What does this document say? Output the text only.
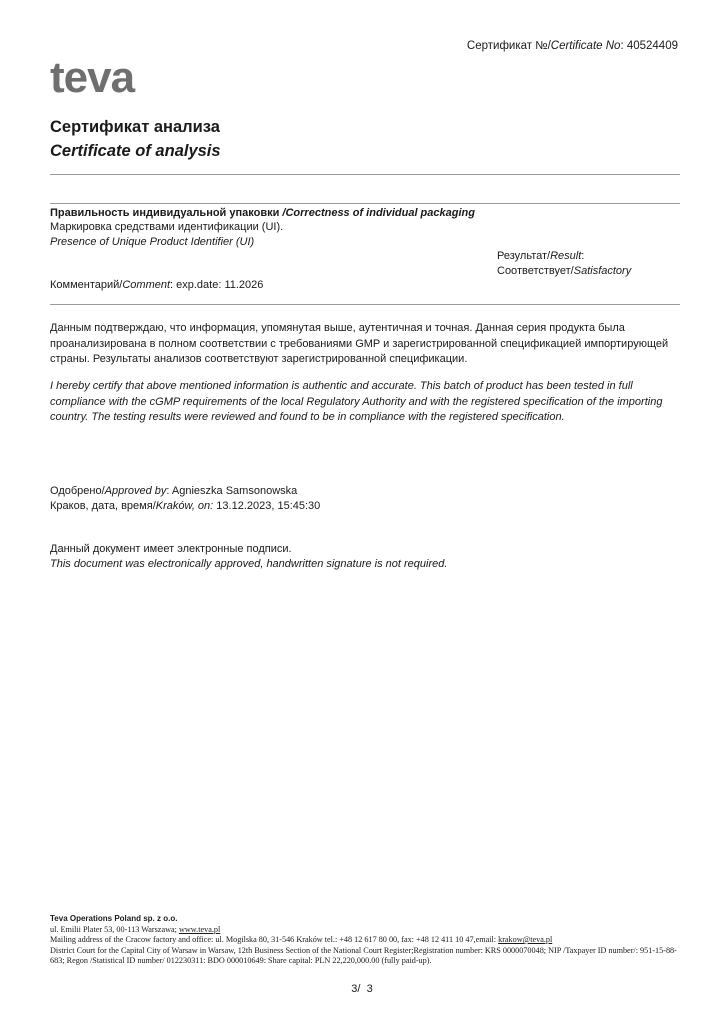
Сертификат №/Certificate No: 40524409
teva
Сертификат анализа
Certificate of analysis
Правильность индивидуальной упаковки /Correctness of individual packaging
Маркировка средствами идентификации (UI).
Presence of Unique Product Identifier (UI)
Результат/Result:
Соответствует/Satisfactory
Комментарий/Comment: exp.date: 11.2026
Данным подтверждаю, что информация, упомянутая выше, аутентичная и точная. Данная серия продукта была проанализирована в полном соответствии с требованиями GMP и зарегистрированной спецификацией импортирующей страны. Результаты анализов соответствуют зарегистрированной спецификации.
I hereby certify that above mentioned information is authentic and accurate. This batch of product has been tested in full compliance with the cGMP requirements of the local Regulatory Authority and with the registered specification of the importing country. The testing results were reviewed and found to be in compliance with the registered specification.
Одобрено/Approved by: Agnieszka Samsonowska
Краков, дата, время/Kraków, on: 13.12.2023, 15:45:30
Данный документ имеет электронные подписи.
This document was electronically approved, handwritten signature is not required.
Teva Operations Poland sp. z o.o.
ul. Emilii Plater 53, 00-113 Warszawa; www.teva.pl
Mailing address of the Cracow factory and office: ul. Mogilska 80, 31-546 Kraków tel.: +48 12 617 80 00, fax: +48 12 411 10 47,email: krakow@teva.pl
District Court for the Capital City of Warsaw in Warsaw, 12th Business Section of the National Court Register;Registration number: KRS 0000070048; NIP /Taxpayer ID number/: 951-15-88-683; Regon /Statistical ID number/ 012230311: BDO 000010649: Share capital: PLN 22,220,000.00 (fully paid-up).
3/  3
